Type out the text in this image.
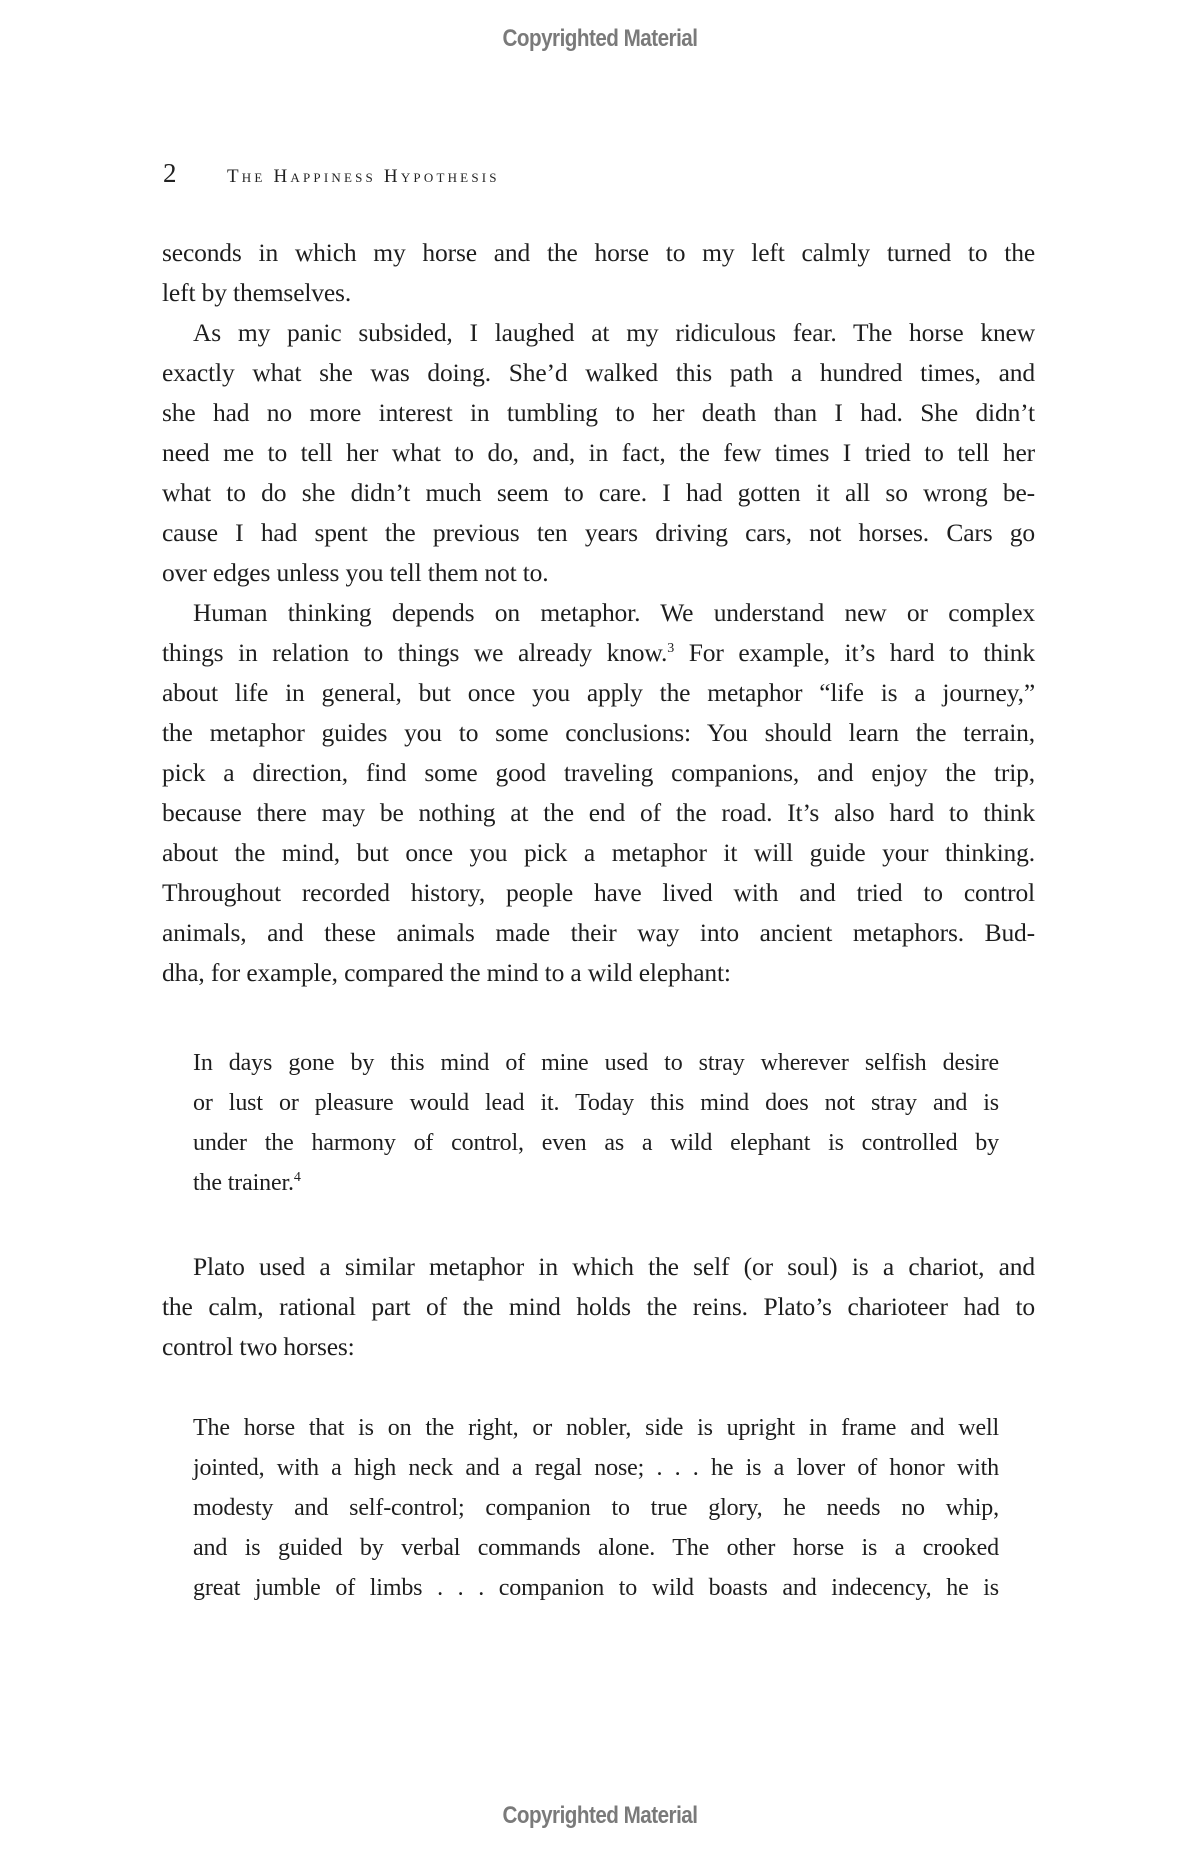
Copyrighted Material
2	The Happiness Hypothesis
seconds in which my horse and the horse to my left calmly turned to the
left by themselves.
As my panic subsided, I laughed at my ridiculous fear. The horse knew
exactly what she was doing. She’d walked this path a hundred times, and
she had no more interest in tumbling to her death than I had. She didn’t
need me to tell her what to do, and, in fact, the few times I tried to tell her
what to do she didn’t much seem to care. I had gotten it all so wrong be-
cause I had spent the previous ten years driving cars, not horses. Cars go
over edges unless you tell them not to.
Human thinking depends on metaphor. We understand new or complex
things in relation to things we already know.$^3$ For example, it’s hard to think
about life in general, but once you apply the metaphor “life is a journey,”
the metaphor guides you to some conclusions: You should learn the terrain,
pick a direction, find some good traveling companions, and enjoy the trip,
because there may be nothing at the end of the road. It’s also hard to think
about the mind, but once you pick a metaphor it will guide your thinking.
Throughout recorded history, people have lived with and tried to control
animals, and these animals made their way into ancient metaphors. Bud-
dha, for example, compared the mind to a wild elephant:
In days gone by this mind of mine used to stray wherever selfish desire
or lust or pleasure would lead it. Today this mind does not stray and is
under the harmony of control, even as a wild elephant is controlled by
the trainer.$^4$
Plato used a similar metaphor in which the self (or soul) is a chariot, and
the calm, rational part of the mind holds the reins. Plato’s charioteer had to
control two horses:
The horse that is on the right, or nobler, side is upright in frame and well
jointed, with a high neck and a regal nose; . . . he is a lover of honor with
modesty and self-control; companion to true glory, he needs no whip,
and is guided by verbal commands alone. The other horse is a crooked
great jumble of limbs . . . companion to wild boasts and indecency, he is
Copyrighted Material
